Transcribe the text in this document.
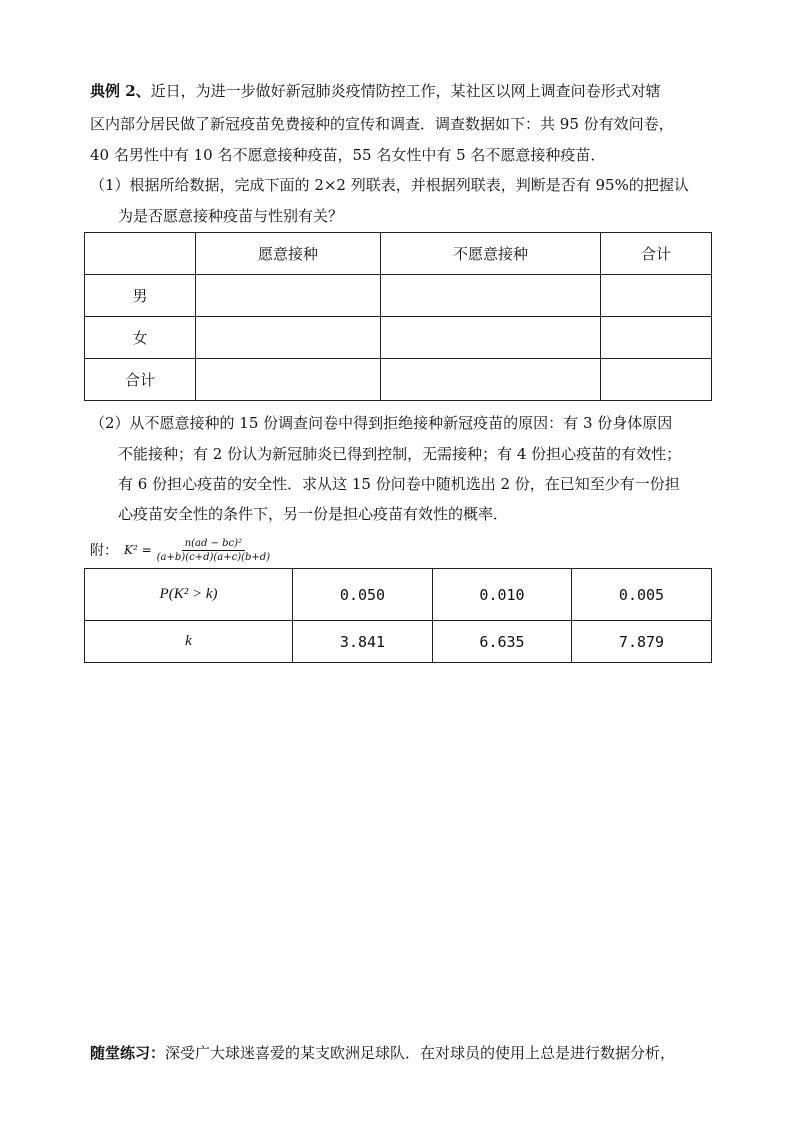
典例 2、近日，为进一步做好新冠肺炎疫情防控工作，某社区以网上调查问卷形式对辖
区内部分居民做了新冠疫苗免费接种的宣传和调查．调查数据如下：共 95 份有效问卷，
40 名男性中有 10 名不愿意接种疫苗，55 名女性中有 5 名不愿意接种疫苗．
（1）根据所给数据，完成下面的 2×2 列联表，并根据列联表，判断是否有 95%的把握认
为是否愿意接种疫苗与性别有关？
	愿意接种	不愿意接种	合计
男			
女			
合计			
（2）从不愿意接种的 15 份调查问卷中得到拒绝接种新冠疫苗的原因：有 3 份身体原因
不能接种；有 2 份认为新冠肺炎已得到控制，无需接种；有 4 份担心疫苗的有效性；
有 6 份担心疫苗的安全性．求从这 15 份问卷中随机选出 2 份，在已知至少有一份担
心疫苗安全性的条件下，另一份是担心疫苗有效性的概率．
附： $K^2 = \frac{\text{n(ad − bc)²}}{(a+b)(c+d)(a+c)(b+d)}$
P(K² > k)	0.050	0.010	0.005
k	3.841	6.635	7.879
随堂练习：深受广大球迷喜爱的某支欧洲足球队．在对球员的使用上总是进行数据分析，
